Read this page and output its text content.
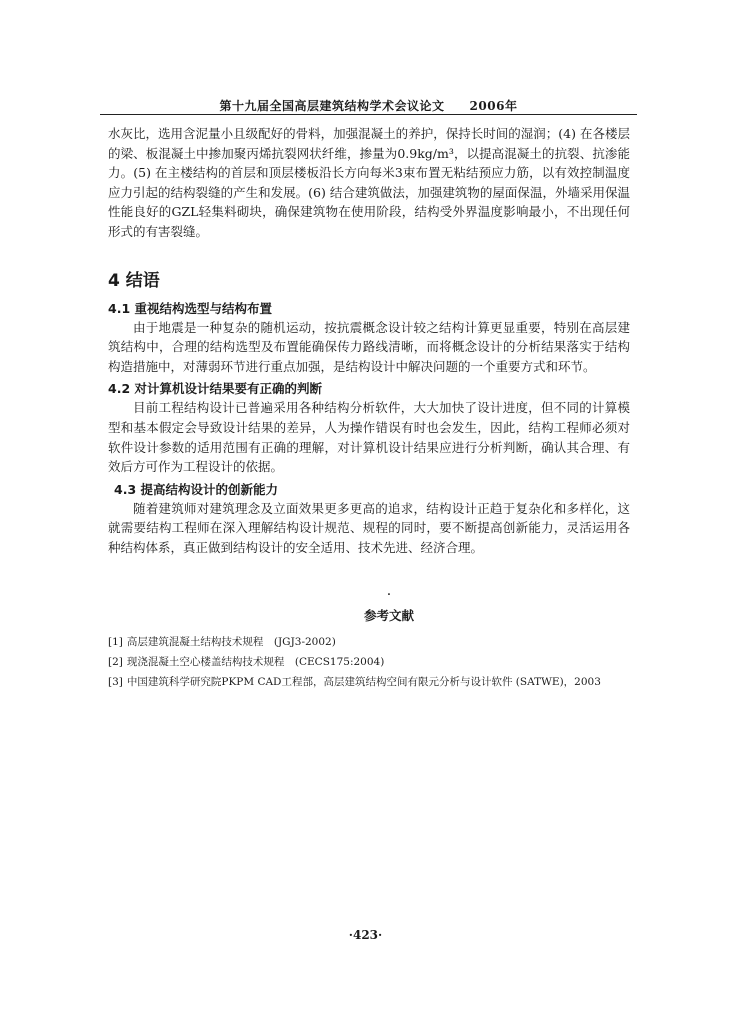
第十九届全国高层建筑结构学术会议论文　　2006年

水灰比，选用含泥量小且级配好的骨料，加强混凝土的养护，保持长时间的湿润；(4) 在各楼层的梁、板混凝土中掺加聚丙烯抗裂网状纤维，掺量为0.9kg/m³，以提高混凝土的抗裂、抗渗能力。(5) 在主楼结构的首层和顶层楼板沿长方向每米3束布置无粘结预应力筋，以有效控制温度应力引起的结构裂缝的产生和发展。(6) 结合建筑做法，加强建筑物的屋面保温，外墙采用保温性能良好的GZL轻集料砌块，确保建筑物在使用阶段，结构受外界温度影响最小，不出现任何形式的有害裂缝。

4 结语
4.1 重视结构选型与结构布置

由于地震是一种复杂的随机运动，按抗震概念设计较之结构计算更显重要，特别在高层建筑结构中，合理的结构选型及布置能确保传力路线清晰，而将概念设计的分析结果落实于结构构造措施中，对薄弱环节进行重点加强，是结构设计中解决问题的一个重要方式和环节。

4.2 对计算机设计结果要有正确的判断

目前工程结构设计已普遍采用各种结构分析软件，大大加快了设计进度，但不同的计算模型和基本假定会导致设计结果的差异，人为操作错误有时也会发生，因此，结构工程师必须对软件设计参数的适用范围有正确的理解，对计算机设计结果应进行分析判断，确认其合理、有效后方可作为工程设计的依据。

4.3 提高结构设计的创新能力

随着建筑师对建筑理念及立面效果更多更高的追求，结构设计正趋于复杂化和多样化，这就需要结构工程师在深入理解结构设计规范、规程的同时，要不断提高创新能力，灵活运用各种结构体系，真正做到结构设计的安全适用、技术先进、经济合理。

·
参考文献
[1] 高层建筑混凝土结构技术规程　(JGJ3-2002)
[2] 现浇混凝土空心楼盖结构技术规程　(CECS175:2004)
[3] 中国建筑科学研究院PKPM CAD工程部，高层建筑结构空间有限元分析与设计软件 (SATWE)，2003
·423·
